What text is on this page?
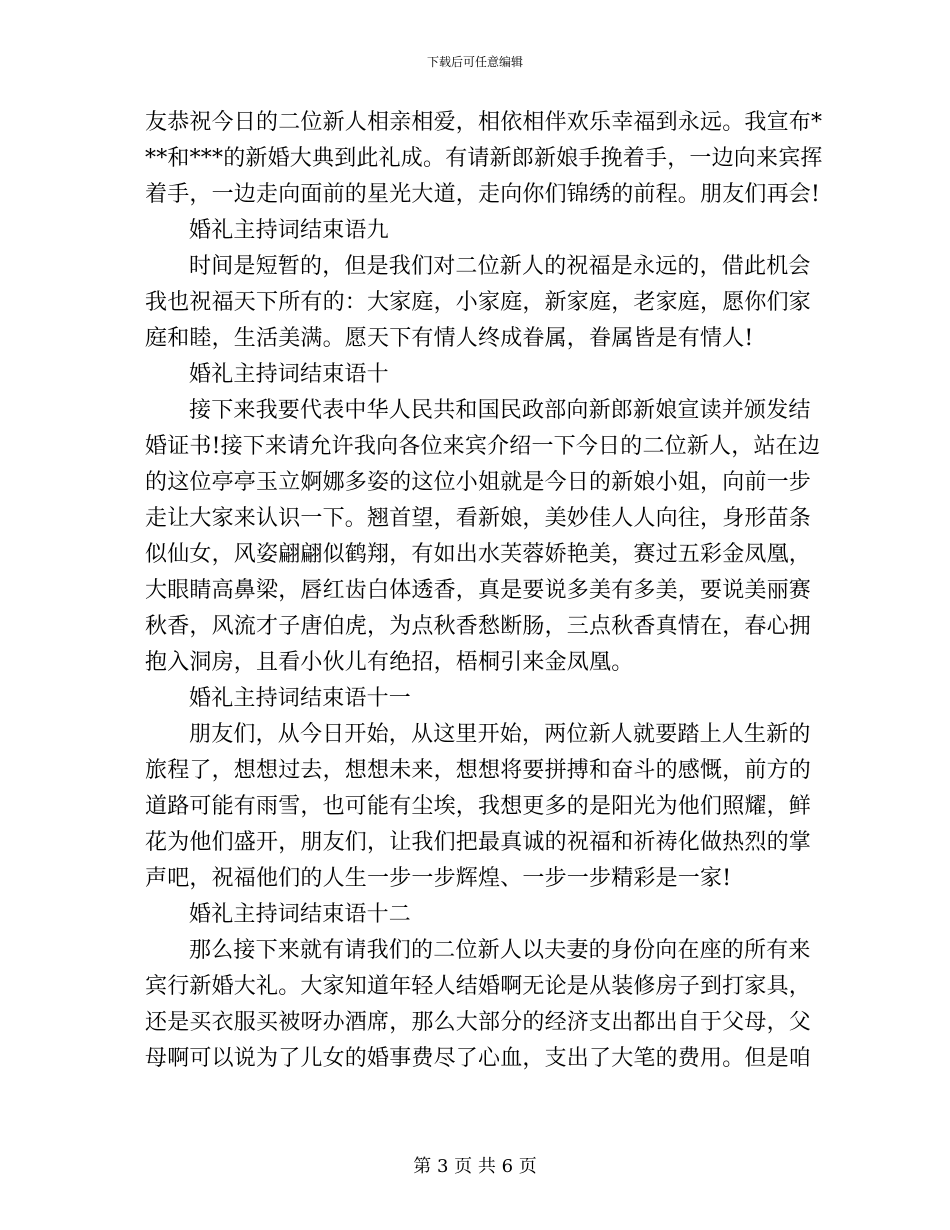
下载后可任意编辑
友恭祝今日的二位新人相亲相爱，相依相伴欢乐幸福到永远。我宣布*
**和***的新婚大典到此礼成。有请新郎新娘手挽着手，一边向来宾挥
着手，一边走向面前的星光大道，走向你们锦绣的前程。朋友们再会!
婚礼主持词结束语九
时间是短暂的，但是我们对二位新人的祝福是永远的，借此机会
我也祝福天下所有的：大家庭，小家庭，新家庭，老家庭，愿你们家
庭和睦，生活美满。愿天下有情人终成眷属，眷属皆是有情人!
婚礼主持词结束语十
接下来我要代表中华人民共和国民政部向新郎新娘宣读并颁发结
婚证书!接下来请允许我向各位来宾介绍一下今日的二位新人，站在边
的这位亭亭玉立婀娜多姿的这位小姐就是今日的新娘小姐，向前一步
走让大家来认识一下。翘首望，看新娘，美妙佳人人向往，身形苗条
似仙女，风姿翩翩似鹤翔，有如出水芙蓉娇艳美，赛过五彩金凤凰，
大眼睛高鼻梁，唇红齿白体透香，真是要说多美有多美，要说美丽赛
秋香，风流才子唐伯虎，为点秋香愁断肠，三点秋香真情在，春心拥
抱入洞房，且看小伙儿有绝招，梧桐引来金凤凰。
婚礼主持词结束语十一
朋友们，从今日开始，从这里开始，两位新人就要踏上人生新的
旅程了，想想过去，想想未来，想想将要拼搏和奋斗的感慨，前方的
道路可能有雨雪，也可能有尘埃，我想更多的是阳光为他们照耀，鲜
花为他们盛开，朋友们，让我们把最真诚的祝福和祈祷化做热烈的掌
声吧，祝福他们的人生一步一步辉煌、一步一步精彩是一家!
婚礼主持词结束语十二
那么接下来就有请我们的二位新人以夫妻的身份向在座的所有来
宾行新婚大礼。大家知道年轻人结婚啊无论是从装修房子到打家具，
还是买衣服买被呀办酒席，那么大部分的经济支出都出自于父母，父
母啊可以说为了儿女的婚事费尽了心血，支出了大笔的费用。但是咱
第 3 页 共 6 页
